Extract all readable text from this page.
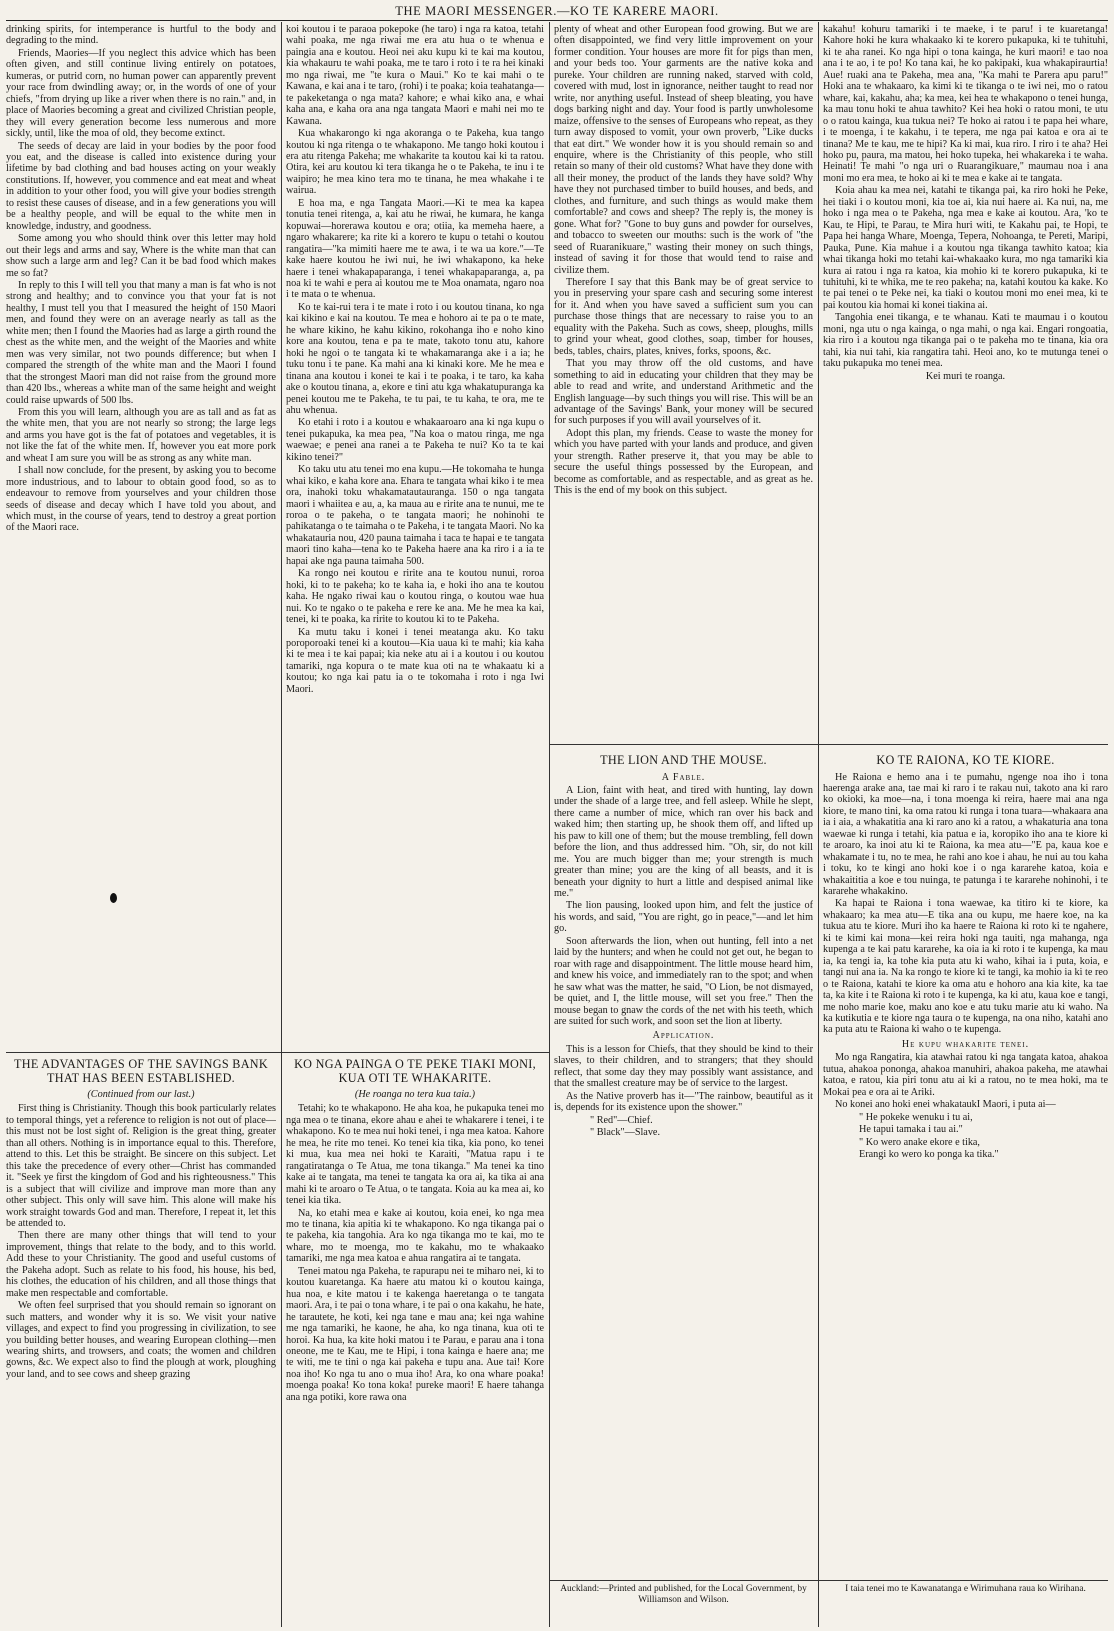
THE MAORI MESSENGER.—KO TE KARERE MAORI.

drinking spirits, for intemperance is hurtful to the body and degrading to the mind.

Friends, Maories—If you neglect this advice which has been often given, and still continue living entirely on potatoes, kumeras, or putrid corn, no human power can apparently prevent your race from dwindling away; or, in the words of one of your chiefs, "from drying up like a river when there is no rain." and, in place of Maories becoming a great and civilized Christian people, they will every generation become less numerous and more sickly, until, like the moa of old, they become extinct.

The seeds of decay are laid in your bodies by the poor food you eat, and the disease is called into existence during your lifetime by bad clothing and bad houses acting on your weakly constitutions. If, however, you commence and eat meat and wheat in addition to your other food, you will give your bodies strength to resist these causes of disease, and in a few generations you will be a healthy people, and will be equal to the white men in knowledge, industry, and goodness.

Some among you who should think over this letter may hold out their legs and arms and say, Where is the white man that can show such a large arm and leg? Can it be bad food which makes me so fat?

In reply to this I will tell you that many a man is fat who is not strong and healthy; and to convince you that your fat is not healthy, I must tell you that I measured the height of 150 Maori men, and found they were on an average nearly as tall as the white men; then I found the Maories had as large a girth round the chest as the white men, and the weight of the Maories and white men was very similar, not two pounds difference; but when I compared the strength of the white man and the Maori I found that the strongest Maori man did not raise from the ground more than 420 lbs., whereas a white man of the same height and weight could raise upwards of 500 lbs.

From this you will learn, although you are as tall and as fat as the white men, that you are not nearly so strong; the large legs and arms you have got is the fat of potatoes and vegetables, it is not like the fat of the white men. If, however you eat more pork and wheat I am sure you will be as strong as any white man.

I shall now conclude, for the present, by asking you to become more industrious, and to labour to obtain good food, so as to endeavour to remove from yourselves and your children those seeds of disease and decay which I have told you about, and which must, in the course of years, tend to destroy a great portion of the Maori race.

koi koutou i te paraoa pokepoke (he taro) i nga ra katoa, tetahi wahi poaka, me nga riwai me era atu hua o te whenua e paingia ana e koutou. Heoi nei aku kupu ki te kai ma koutou, kia whakauru te wahi poaka, me te taro i roto i te ra hei kinaki mo nga riwai, me "te kura o Maui." Ko te kai mahi o te Kawana, e kai ana i te taro, (rohi) i te poaka; koia teahatanga—te pakeketanga o nga mata? kahore; e whai kiko ana, e whai kaha ana, e kaha ora ana nga tangata Maori e mahi nei mo te Kawana.

Kua whakarongo ki nga akoranga o te Pakeha, kua tango koutou ki nga ritenga o te whakapono. Me tango hoki koutou i era atu ritenga Pakeha; me whakarite ta koutou kai ki ta ratou. Otira, kei aru koutou ki tera tikanga he o te Pakeha, te inu i te waipiro; he mea kino tera mo te tinana, he mea whakahe i te wairua.

E hoa ma, e nga Tangata Maori.—Ki te mea ka kapea tonutia tenei ritenga, a, kai atu he riwai, he kumara, he kanga kopuwai—horerawa koutou e ora; otiia, ka memeha haere, a ngaro whakarere; ka rite ki a korero te kupu o tetahi o koutou rangatira—"ka mimiti haere me te awa, i te wa ua kore."—Te kake haere koutou he iwi nui, he iwi whakapono, ka heke haere i tenei whakapaparanga, i tenei whakapaparanga, a, pa noa ki te wahi e pera ai koutou me te Moa onamata, ngaro noa i te mata o te whenua.

Ko te kai-rui tera i te mate i roto i ou koutou tinana, ko nga kai kikino e kai na koutou. Te mea e hohoro ai te pa o te mate, he whare kikino, he kahu kikino, rokohanga iho e noho kino kore ana koutou, tena e pa te mate, takoto tonu atu, kahore hoki he ngoi o te tangata ki te whakamaranga ake i a ia; he tuku tonu i te pane. Ka mahi ana ki kinaki kore. Me he mea e tinana ana koutou i konei te kai i te poaka, i te taro, ka kaha ake o koutou tinana, a, ekore e tini atu kga whakatupuranga ka penei koutou me te Pakeha, te tu pai, te tu kaha, te ora, me te ahu whenua.

Ko etahi i roto i a koutou e whakaaroaro ana ki nga kupu o tenei pukapuka, ka mea pea, "Na koa o matou ringa, me nga waewae; e penei ana ranei a te Pakeha te nui? Ko ta te kai kikino tenei?"

Ko taku utu atu tenei mo ena kupu.—He tokomaha te hunga whai kiko, e kaha kore ana. Ehara te tangata whai kiko i te mea ora, inahoki toku whakamatautauranga. 150 o nga tangata maori i whaiitea e au, a, ka maua au e ririte ana te nunui, me te roroa o te pakeha, o te tangata maori; he nohinohi te pahikatanga o te taimaha o te Pakeha, i te tangata Maori. No ka whakatauria nou, 420 pauna taimaha i taca te hapai e te tangata maori tino kaha—tena ko te Pakeha haere ana ka riro i a ia te hapai ake nga pauna taimaha 500.

Ka rongo nei koutou e ririte ana te koutou nunui, roroa hoki, ki to te pakeha; ko te kaha ia, e hoki iho ana te koutou kaha. He ngako riwai kau o koutou ringa, o koutou wae hua nui. Ko te ngako o te pakeha e rere ke ana. Me he mea ka kai, tenei, ki te poaka, ka ririte to koutou ki to te Pakeha.

Ka mutu taku i konei i tenei meatanga aku. Ko taku poroporoaki tenei ki a koutou—Kia uaua ki te mahi; kia kaha ki te mea i te kai papai; kia neke atu ai i a koutou i ou koutou tamariki, nga kopura o te mate kua oti na te whakaatu ki a koutou; ko nga kai patu ia o te tokomaha i roto i nga Iwi Maori.

THE ADVANTAGES OF THE SAVINGS BANK THAT HAS BEEN ESTABLISHED.
(Continued from our last.)

First thing is Christianity. Though this book particularly relates to temporal things, yet a reference to religion is not out of place—this must not be lost sight of. Religion is the great thing, greater than all others. Nothing is in importance equal to this. Therefore, attend to this. Let this be straight. Be sincere on this subject. Let this take the precedence of every other—Christ has commanded it. "Seek ye first the kingdom of God and his righteousness." This is a subject that will civilize and improve man more than any other subject. This only will save him. This alone will make his work straight towards God and man. Therefore, I repeat it, let this be attended to.

Then there are many other things that will tend to your improvement, things that relate to the body, and to this world. Add these to your Christianity. The good and useful customs of the Pakeha adopt. Such as relate to his food, his house, his bed, his clothes, the education of his children, and all those things that make men respectable and comfortable.

We often feel surprised that you should remain so ignorant on such matters, and wonder why it is so. We visit your native villages, and expect to find you progressing in civilization, to see you building better houses, and wearing European clothing—men wearing shirts, and trowsers, and coats; the women and children gowns, &c. We expect also to find the plough at work, ploughing your land, and to see cows and sheep grazing

KO NGA PAINGA O TE PEKE TIAKI MONI, KUA OTI TE WHAKARITE.
(He roanga no tera kua taia.)

Tetahi; ko te whakapono. He aha koa, he pukapuka tenei mo nga mea o te tinana, ekore ahau e ahei te whakarere i tenei, i te whakapono. Ko te mea nui hoki tenei, i nga mea katoa. Kahore he mea, he rite mo tenei. Ko tenei kia tika, kia pono, ko tenei ki mua, kua mea nei hoki te Karaiti, "Matua rapu i te rangatiratanga o Te Atua, me tona tikanga." Ma tenei ka tino kake ai te tangata, ma tenei te tangata ka ora ai, ka tika ai ana mahi ki te aroaro o Te Atua, o te tangata. Koia au ka mea ai, ko tenei kia tika.

Na, ko etahi mea e kake ai koutou, koia enei, ko nga mea mo te tinana, kia apitia ki te whakapono. Ko nga tikanga pai o te pakeha, kia tangohia. Ara ko nga tikanga mo te kai, mo te whare, mo te moenga, mo te kakahu, mo te whakaako tamariki, me nga mea katoa e ahua rangatira ai te tangata.

Tenei matou nga Pakeha, te rapurapu nei te miharo nei, ki to koutou kuaretanga. Ka haere atu matou ki o koutou kainga, hua noa, e kite matou i te kakenga haeretanga o te tangata maori. Ara, i te pai o tona whare, i te pai o ona kakahu, he hate, he tarautete, he koti, kei nga tane e mau ana; kei nga wahine me nga tamariki, he kaone, he aha, ko nga tinana, kua oti te horoi. Ka hua, ka kite hoki matou i te Parau, e parau ana i tona oneone, me te Kau, me te Hipi, i tona kainga e haere ana; me te witi, me te tini o nga kai pakeha e tupu ana. Aue tai! Kore noa iho! Ko nga tu ano o mua iho! Ara, ko ona whare poaka! moenga poaka! Ko tona koka! pureke maori! E haere tahanga ana nga potiki, kore rawa ona

plenty of wheat and other European food growing. But we are often disappointed, we find very little improvement on your former condition. Your houses are more fit for pigs than men, and your beds too. Your garments are the native koka and pureke. Your children are running naked, starved with cold, covered with mud, lost in ignorance, neither taught to read nor write, nor anything useful. Instead of sheep bleating, you have dogs barking night and day. Your food is partly unwholesome maize, offensive to the senses of Europeans who repeat, as they turn away disposed to vomit, your own proverb, "Like ducks that eat dirt." We wonder how it is you should remain so and enquire, where is the Christianity of this people, who still retain so many of their old customs? What have they done with all their money, the product of the lands they have sold? Why have they not purchased timber to build houses, and beds, and clothes, and furniture, and such things as would make them comfortable? and cows and sheep? The reply is, the money is gone. What for? "Gone to buy guns and powder for ourselves, and tobacco to sweeten our mouths: such is the work of "the seed of Ruaranikuare," wasting their money on such things, instead of saving it for those that would tend to raise and civilize them.

Therefore I say that this Bank may be of great service to you in preserving your spare cash and securing some interest for it. And when you have saved a sufficient sum you can purchase those things that are necessary to raise you to an equality with the Pakeha. Such as cows, sheep, ploughs, mills to grind your wheat, good clothes, soap, timber for houses, beds, tables, chairs, plates, knives, forks, spoons, &c.

That you may throw off the old customs, and have something to aid in educating your children that they may be able to read and write, and understand Arithmetic and the English language—by such things you will rise. This will be an advantage of the Savings' Bank, your money will be secured for such purposes if you will avail yourselves of it.

Adopt this plan, my friends. Cease to waste the money for which you have parted with your lands and produce, and given your strength. Rather preserve it, that you may be able to secure the useful things possessed by the European, and become as comfortable, and as respectable, and as great as he. This is the end of my book on this subject.

kakahu! kohuru tamariki i te maeke, i te paru! i te kuaretanga! Kahore hoki he kura whakaako ki te korero pukapuka, ki te tuhituhi, ki te aha ranei. Ko nga hipi o tona kainga, he kuri maori! e tao noa ana i te ao, i te po! Ko tana kai, he ko pakipaki, kua whakapiraurtia! Aue! ruaki ana te Pakeha, mea ana, "Ka mahi te Parera apu paru!" Hoki ana te whakaaro, ka kimi ki te tikanga o te iwi nei, mo o ratou whare, kai, kakahu, aha; ka mea, kei hea te whakapono o tenei hunga, ka mau tonu hoki te ahua tawhito? Kei hea hoki o ratou moni, te utu o o ratou kainga, kua tukua nei? Te hoko ai ratou i te papa hei whare, i te moenga, i te kakahu, i te tepera, me nga pai katoa e ora ai te tinana? Me te kau, me te hipi? Ka ki mai, kua riro. I riro i te aha? Hei hoko pu, paura, ma matou, hei hoko tupeka, hei whakareka i te waha. Heinati! Te mahi "o nga uri o Ruarangikuare," maumau noa i ana moni mo era mea, te hoko ai ki te mea e kake ai te tangata.

Koia ahau ka mea nei, katahi te tikanga pai, ka riro hoki he Peke, hei tiaki i o koutou moni, kia toe ai, kia nui haere ai. Ka nui, na, me hoko i nga mea o te Pakeha, nga mea e kake ai koutou. Ara, 'ko te Kau, te Hipi, te Parau, te Mira huri witi, te Kakahu pai, te Hopi, te Papa hei hanga Whare, Moenga, Tepera, Nohoanga, te Pereti, Maripi, Pauka, Pune. Kia mahue i a koutou nga tikanga tawhito katoa; kia whai tikanga hoki mo tetahi kai-whakaako kura, mo nga tamariki kia kura ai ratou i nga ra katoa, kia mohio ki te korero pukapuka, ki te tuhituhi, ki te whika, me te reo pakeha; na, katahi koutou ka kake. Ko te pai tenei o te Peke nei, ka tiaki o koutou moni mo enei mea, ki te pai koutou kia homai ki konei tiakina ai.

Tangohia enei tikanga, e te whanau. Kati te maumau i o koutou moni, nga utu o nga kainga, o nga mahi, o nga kai. Engari rongoatia, kia riro i a koutou nga tikanga pai o te pakeha mo te tinana, kia ora tahi, kia nui tahi, kia rangatira tahi. Heoi ano, ko te mutunga tenei o taku pukapuka mo tenei mea.

Kei muri te roanga.

THE LION AND THE MOUSE.
A Fable.

A Lion, faint with heat, and tired with hunting, lay down under the shade of a large tree, and fell asleep. While he slept, there came a number of mice, which ran over his back and waked him; then starting up, he shook them off, and lifted up his paw to kill one of them; but the mouse trembling, fell down before the lion, and thus addressed him. "Oh, sir, do not kill me. You are much bigger than me; your strength is much greater than mine; you are the king of all beasts, and it is beneath your dignity to hurt a little and despised animal like me."

The lion pausing, looked upon him, and felt the justice of his words, and said, "You are right, go in peace,"—and let him go.

Soon afterwards the lion, when out hunting, fell into a net laid by the hunters; and when he could not get out, he began to roar with rage and disappointment. The little mouse heard him, and knew his voice, and immediately ran to the spot; and when he saw what was the matter, he said, "O Lion, be not dismayed, be quiet, and I, the little mouse, will set you free." Then the mouse began to gnaw the cords of the net with his teeth, which are suited for such work, and soon set the lion at liberty.

Application.

This is a lesson for Chiefs, that they should be kind to their slaves, to their children, and to strangers; that they should reflect, that some day they may possibly want assistance, and that the smallest creature may be of service to the largest.

As the Native proverb has it—"The rainbow, beautiful as it is, depends for its existence upon the shower."

" Red"—Chief.

" Black"—Slave.

KO TE RAIONA, KO TE KIORE.

He Raiona e hemo ana i te pumahu, ngenge noa iho i tona haerenga arake ana, tae mai ki raro i te rakau nui, takoto ana ki raro ko okioki, ka moe—na, i tona moenga ki reira, haere mai ana nga kiore, te mano tini, ka oma ratou ki runga i tona tuara—whakaara ana ia i aia, a whakatitia ana ki raro ano ki a ratou, a whakaturia ana tona waewae ki runga i tetahi, kia patua e ia, koropiko iho ana te kiore ki te aroaro, ka inoi atu ki te Raiona, ka mea atu—"E pa, kaua koe e whakamate i tu, no te mea, he rahi ano koe i ahau, he nui au tou kaha i toku, ko te kingi ano hoki koe i o nga kararehe katoa, koia e whakaititia a koe e tou nuinga, te patunga i te kararehe nohinohi, i te kararehe whakakino.

Ka hapai te Raiona i tona waewae, ka titiro ki te kiore, ka whakaaro; ka mea atu—E tika ana ou kupu, me haere koe, na ka tukua atu te kiore. Muri iho ka haere te Raiona ki roto ki te ngahere, ki te kimi kai mona—kei reira hoki nga tauiti, nga mahanga, nga kupenga a te kai patu kararehe, ka oia ia ki roto i te kupenga, ka mau ia, ka tengi ia, ka tohe kia puta atu ki waho, kihai ia i puta, koia, e tangi nui ana ia. Na ka rongo te kiore ki te tangi, ka mohio ia ki te reo o te Raiona, katahi te kiore ka oma atu e hohoro ana kia kite, ka tae ta, ka kite i te Raiona ki roto i te kupenga, ka ki atu, kaua koe e tangi, me noho marie koe, maku ano koe e atu tuku marie atu ki waho. Na ka kutikutia e te kiore nga taura o te kupenga, na ona niho, katahi ano ka puta atu te Raiona ki waho o te kupenga.

He kupu whakarite tenei.

Mo nga Rangatira, kia atawhai ratou ki nga tangata katoa, ahakoa tutua, ahakoa pononga, ahakoa manuhiri, ahakoa pakeha, me atawhai katoa, e ratou, kia piri tonu atu ai ki a ratou, no te mea hoki, ma te Mokai pea e ora ai te Ariki.

No konei ano hoki enei whakataukI Maori, i puta ai—

" He pokeke wenuku i tu ai,

He tapui tamaka i tau ai."

" Ko wero anake ekore e tika,

Erangi ko wero ko ponga ka tika."

Auckland:—Printed and published, for the Local Government, by Williamson and Wilson.
I taia tenei mo te Kawanatanga e Wirimuhana raua ko Wirihana.
